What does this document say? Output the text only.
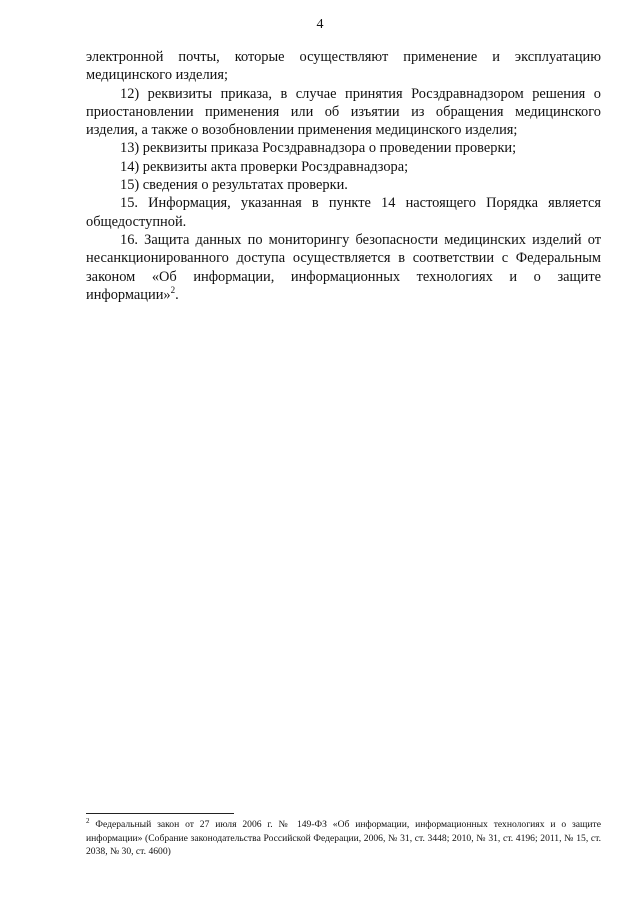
4

электронной почты, которые осуществляют применение и эксплуатацию медицинского изделия;

12) реквизиты приказа, в случае принятия Росздравнадзором решения о приостановлении применения или об изъятии из обращения медицинского изделия, а также о возобновлении применения медицинского изделия;

13) реквизиты приказа Росздравнадзора о проведении проверки;

14) реквизиты акта проверки Росздравнадзора;

15) сведения о результатах проверки.

15. Информация, указанная в пункте 14 настоящего Порядка является общедоступной.

16. Защита данных по мониторингу безопасности медицинских изделий от несанкционированного доступа осуществляется в соответствии с Федеральным законом «Об информации, информационных технологиях и о защите информации»$^2$.

$^2$ Федеральный закон от 27 июля 2006 г. № 149-ФЗ «Об информации, информационных технологиях и о защите информации» (Собрание законодательства Российской Федерации, 2006, № 31, ст. 3448; 2010, № 31, ст. 4196; 2011, № 15, ст. 2038, № 30, ст. 4600)
